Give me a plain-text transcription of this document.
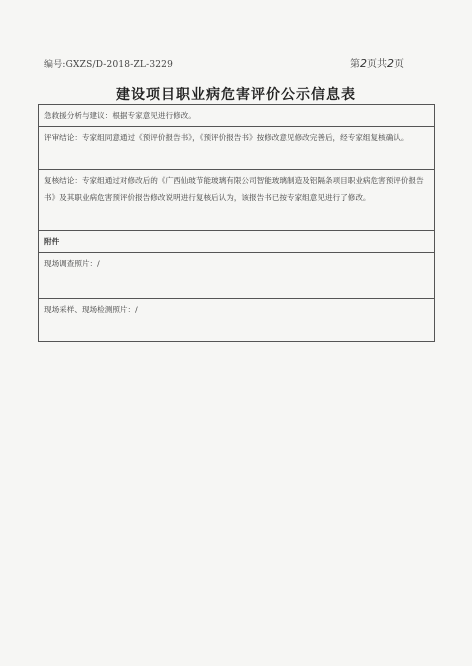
编号:GXZS/D-2018-ZL-3229	第2页共2页
建设项目职业病危害评价公示信息表
急救援分析与建议：根据专家意见进行修改。
评审结论：专家组同意通过《预评价报告书》，《预评价报告书》按修改意见修改完善后，经专家组复核确认。
复核结论：专家组通过对修改后的《广西仙玻节能玻璃有限公司智能玻璃制造及铝隔条项目职业病危害预评价报告书》及其职业病危害预评价报告修改说明进行复核后认为，该报告书已按专家组意见进行了修改。
附件
现场调查照片：/
现场采样、现场检测照片：/
